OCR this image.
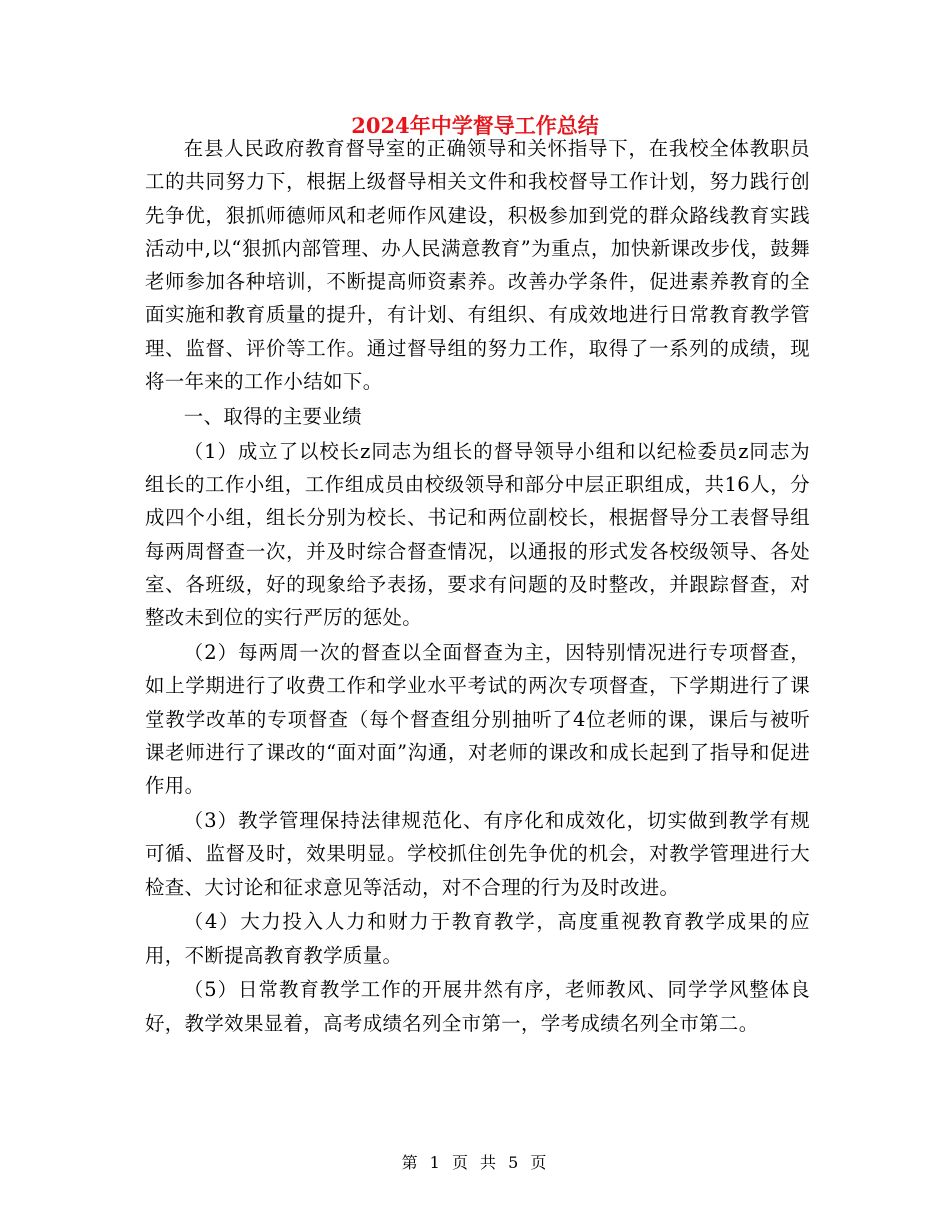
2024年中学督导工作总结

在县人民政府教育督导室的正确领导和关怀指导下，在我校全体教职员工的共同努力下，根据上级督导相关文件和我校督导工作计划，努力践行创先争优，狠抓师德师风和老师作风建设，积极参加到党的群众路线教育实践活动中,以“狠抓内部管理、办人民满意教育”为重点，加快新课改步伐，鼓舞老师参加各种培训，不断提高师资素养。改善办学条件，促进素养教育的全面实施和教育质量的提升，有计划、有组织、有成效地进行日常教育教学管理、监督、评价等工作。通过督导组的努力工作，取得了一系列的成绩，现将一年来的工作小结如下。

一、取得的主要业绩

（1）成立了以校长z同志为组长的督导领导小组和以纪检委员z同志为组长的工作小组，工作组成员由校级领导和部分中层正职组成，共16人，分成四个小组，组长分别为校长、书记和两位副校长，根据督导分工表督导组每两周督查一次，并及时综合督查情况，以通报的形式发各校级领导、各处室、各班级，好的现象给予表扬，要求有问题的及时整改，并跟踪督查，对整改未到位的实行严厉的惩处。

（2）每两周一次的督查以全面督查为主，因特别情况进行专项督查，如上学期进行了收费工作和学业水平考试的两次专项督查，下学期进行了课堂教学改革的专项督查（每个督查组分别抽听了4位老师的课，课后与被听课老师进行了课改的“面对面”沟通，对老师的课改和成长起到了指导和促进作用。

（3）教学管理保持法律规范化、有序化和成效化，切实做到教学有规可循、监督及时，效果明显。学校抓住创先争优的机会，对教学管理进行大检查、大讨论和征求意见等活动，对不合理的行为及时改进。

（4）大力投入人力和财力于教育教学，高度重视教育教学成果的应用，不断提高教育教学质量。

（5）日常教育教学工作的开展井然有序，老师教风、同学学风整体良好，教学效果显着，高考成绩名列全市第一，学考成绩名列全市第二。

第 1 页 共 5 页
